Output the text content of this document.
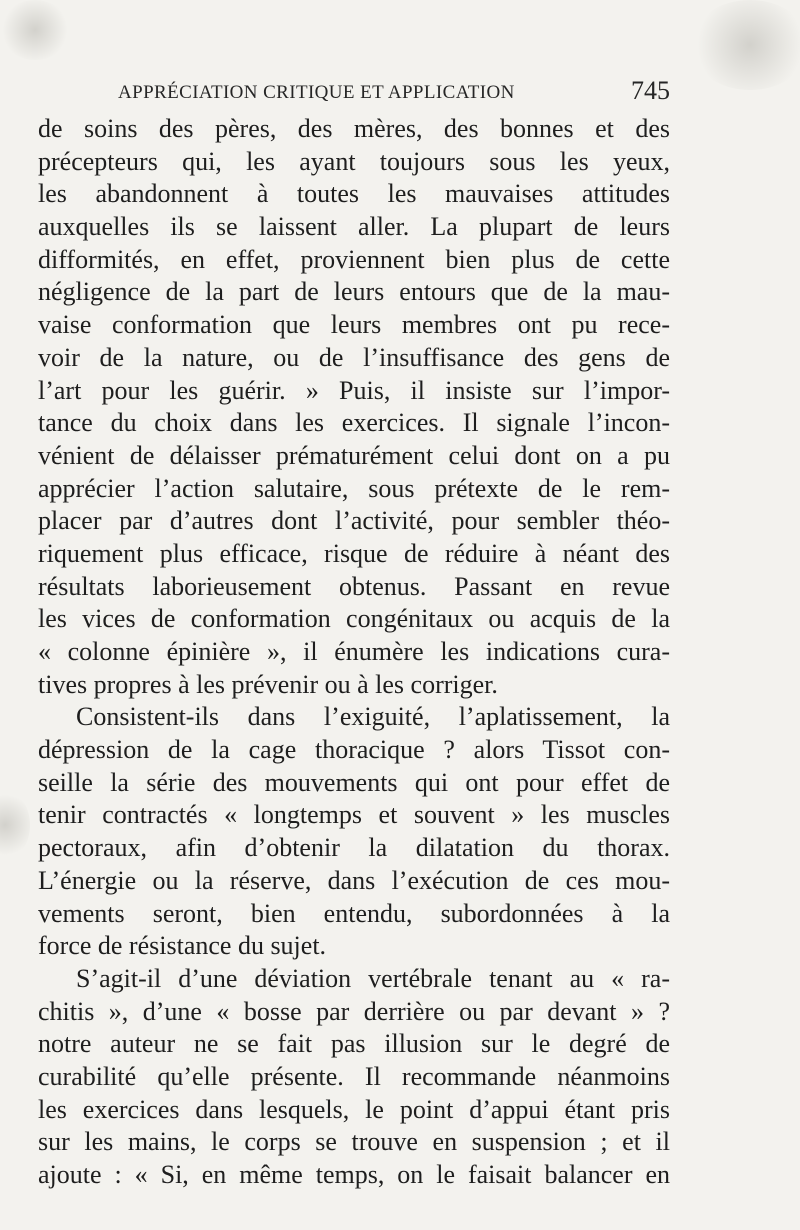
APPRÉCIATION CRITIQUE ET APPLICATION	745
de soins des pères, des mères, des bonnes et des
précepteurs qui, les ayant toujours sous les yeux,
les abandonnent à toutes les mauvaises attitudes
auxquelles ils se laissent aller. La plupart de leurs
difformités, en effet, proviennent bien plus de cette
négligence de la part de leurs entours que de la mau-
vaise conformation que leurs membres ont pu rece-
voir de la nature, ou de l’insuffisance des gens de
l’art pour les guérir. » Puis, il insiste sur l’impor-
tance du choix dans les exercices. Il signale l’incon-
vénient de délaisser prématurément celui dont on a pu
apprécier l’action salutaire, sous prétexte de le rem-
placer par d’autres dont l’activité, pour sembler théo-
riquement plus efficace, risque de réduire à néant des
résultats laborieusement obtenus. Passant en revue
les vices de conformation congénitaux ou acquis de la
« colonne épinière », il énumère les indications cura-
tives propres à les prévenir ou à les corriger.
Consistent-ils dans l’exiguité, l’aplatissement, la
dépression de la cage thoracique ? alors Tissot con-
seille la série des mouvements qui ont pour effet de
tenir contractés « longtemps et souvent » les muscles
pectoraux, afin d’obtenir la dilatation du thorax.
L’énergie ou la réserve, dans l’exécution de ces mou-
vements seront, bien entendu, subordonnées à la
force de résistance du sujet.
S’agit-il d’une déviation vertébrale tenant au « ra-
chitis », d’une « bosse par derrière ou par devant » ?
notre auteur ne se fait pas illusion sur le degré de
curabilité qu’elle présente. Il recommande néanmoins
les exercices dans lesquels, le point d’appui étant pris
sur les mains, le corps se trouve en suspension ; et il
ajoute : « Si, en même temps, on le faisait balancer en
